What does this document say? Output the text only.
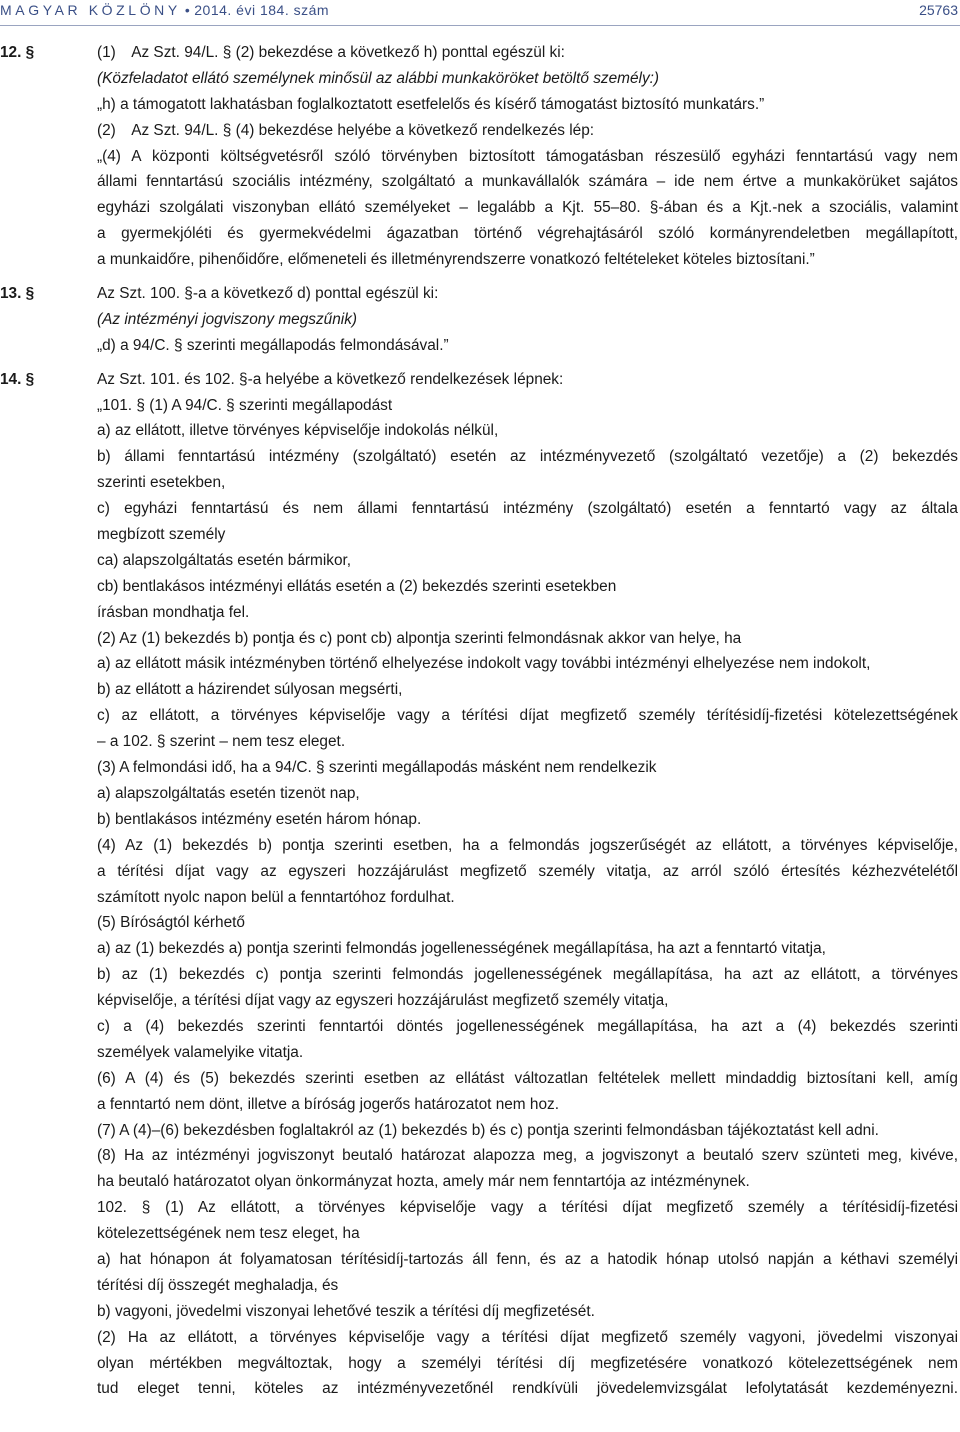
MAGYAR KÖZLÖNY • 2014. évi 184. szám	25763
12. §	(1) Az Szt. 94/L. § (2) bekezdése a következő h) ponttal egészül ki:
(Közfeladatot ellátó személynek minősül az alábbi munkaköröket betöltő személy:)
„h) a támogatott lakhatásban foglalkoztatott esetfelelős és kísérő támogatást biztosító munkatárs.”
(2) Az Szt. 94/L. § (4) bekezdése helyébe a következő rendelkezés lép:
„(4) A központi költségvetésről szóló törvényben biztosított támogatásban részesülő egyházi fenntartású vagy nem
állami fenntartású szociális intézmény, szolgáltató a munkavállalók számára – ide nem értve a munkakörüket sajátos
egyházi szolgálati viszonyban ellátó személyeket – legalább a Kjt. 55–80. §-ában és a Kjt.-nek a szociális, valamint
a gyermekjóléti és gyermekvédelmi ágazatban történő végrehajtásáról szóló kormányrendeletben megállapított,
a munkaidőre, pihenőidőre, előmeneteli és illetményrendszerre vonatkozó feltételeket köteles biztosítani.”
13. §	Az Szt. 100. §-a a következő d) ponttal egészül ki:
(Az intézményi jogviszony megszűnik)
„d) a 94/C. § szerinti megállapodás felmondásával.”
14. §	Az Szt. 101. és 102. §-a helyébe a következő rendelkezések lépnek:
„101. § (1) A 94/C. § szerinti megállapodást
a) az ellátott, illetve törvényes képviselője indokolás nélkül,
b) állami fenntartású intézmény (szolgáltató) esetén az intézményvezető (szolgáltató vezetője) a (2) bekezdés
szerinti esetekben,
c) egyházi fenntartású és nem állami fenntartású intézmény (szolgáltató) esetén a fenntartó vagy az általa
megbízott személy
ca) alapszolgáltatás esetén bármikor,
cb) bentlakásos intézményi ellátás esetén a (2) bekezdés szerinti esetekben
írásban mondhatja fel.
(2) Az (1) bekezdés b) pontja és c) pont cb) alpontja szerinti felmondásnak akkor van helye, ha
a) az ellátott másik intézményben történő elhelyezése indokolt vagy további intézményi elhelyezése nem indokolt,
b) az ellátott a házirendet súlyosan megsérti,
c) az ellátott, a törvényes képviselője vagy a térítési díjat megfizető személy térítésidíj-fizetési kötelezettségének
– a 102. § szerint – nem tesz eleget.
(3) A felmondási idő, ha a 94/C. § szerinti megállapodás másként nem rendelkezik
a) alapszolgáltatás esetén tizenöt nap,
b) bentlakásos intézmény esetén három hónap.
(4) Az (1) bekezdés b) pontja szerinti esetben, ha a felmondás jogszerűségét az ellátott, a törvényes képviselője,
a térítési díjat vagy az egyszeri hozzájárulást megfizető személy vitatja, az arról szóló értesítés kézhezvételétől
számított nyolc napon belül a fenntartóhoz fordulhat.
(5) Bíróságtól kérhető
a) az (1) bekezdés a) pontja szerinti felmondás jogellenességének megállapítása, ha azt a fenntartó vitatja,
b) az (1) bekezdés c) pontja szerinti felmondás jogellenességének megállapítása, ha azt az ellátott, a törvényes
képviselője, a térítési díjat vagy az egyszeri hozzájárulást megfizető személy vitatja,
c) a (4) bekezdés szerinti fenntartói döntés jogellenességének megállapítása, ha azt a (4) bekezdés szerinti
személyek valamelyike vitatja.
(6) A (4) és (5) bekezdés szerinti esetben az ellátást változatlan feltételek mellett mindaddig biztosítani kell, amíg
a fenntartó nem dönt, illetve a bíróság jogerős határozatot nem hoz.
(7) A (4)–(6) bekezdésben foglaltakról az (1) bekezdés b) és c) pontja szerinti felmondásban tájékoztatást kell adni.
(8) Ha az intézményi jogviszonyt beutaló határozat alapozza meg, a jogviszonyt a beutaló szerv szünteti meg, kivéve,
ha beutaló határozatot olyan önkormányzat hozta, amely már nem fenntartója az intézménynek.
102. § (1) Az ellátott, a törvényes képviselője vagy a térítési díjat megfizető személy a térítésidíj-fizetési
kötelezettségének nem tesz eleget, ha
a) hat hónapon át folyamatosan térítésidíj-tartozás áll fenn, és az a hatodik hónap utolsó napján a kéthavi személyi
térítési díj összegét meghaladja, és
b) vagyoni, jövedelmi viszonyai lehetővé teszik a térítési díj megfizetését.
(2) Ha az ellátott, a törvényes képviselője vagy a térítési díjat megfizető személy vagyoni, jövedelmi viszonyai
olyan mértékben megváltoztak, hogy a személyi térítési díj megfizetésére vonatkozó kötelezettségének nem
tud eleget tenni, köteles az intézményvezetőnél rendkívüli jövedelemvizsgálat lefolytatását kezdeményezni.
